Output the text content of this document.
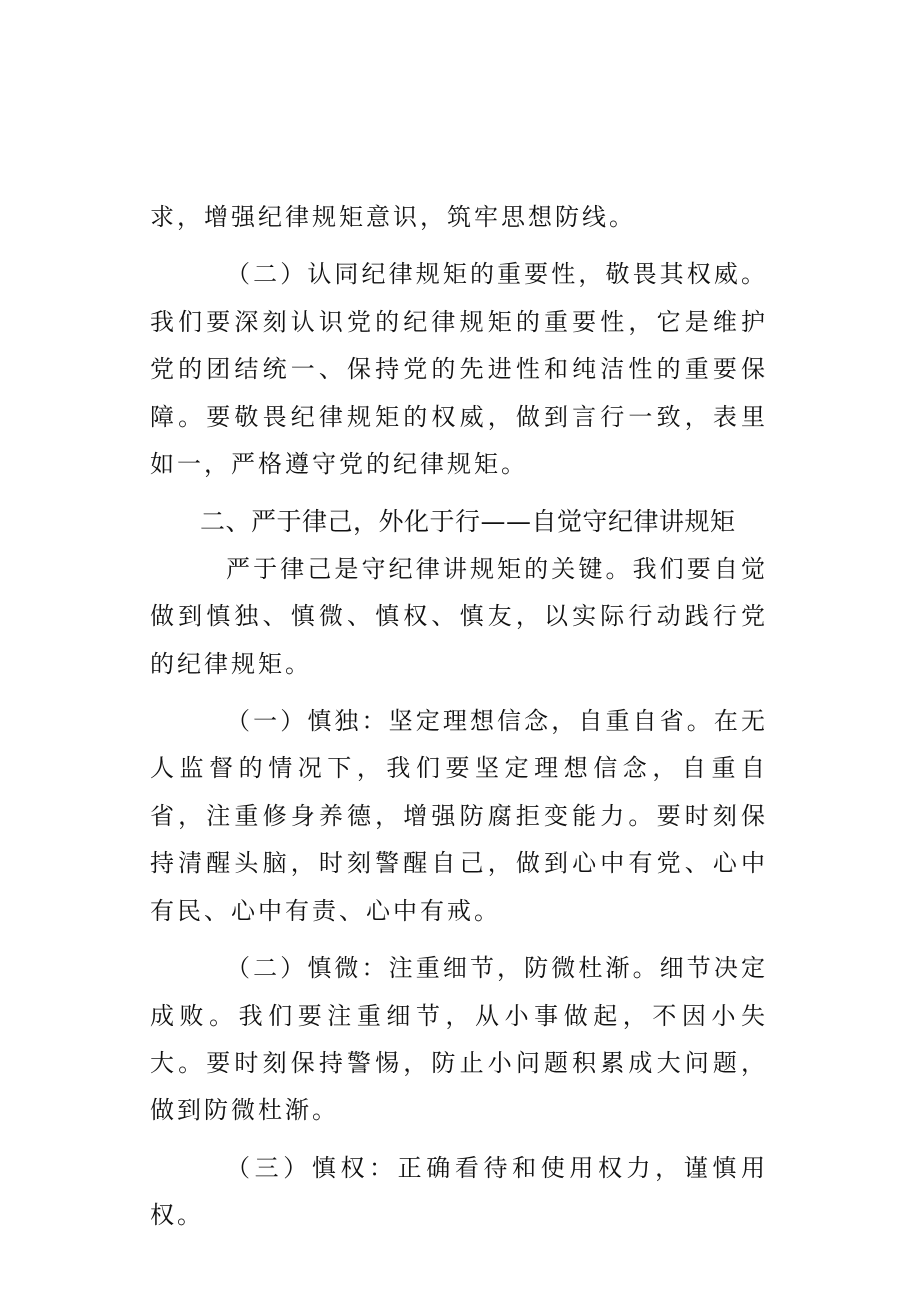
求，增强纪律规矩意识，筑牢思想防线。

（二）认同纪律规矩的重要性，敬畏其权威。我们要深刻认识党的纪律规矩的重要性，它是维护党的团结统一、保持党的先进性和纯洁性的重要保障。要敬畏纪律规矩的权威，做到言行一致，表里如一，严格遵守党的纪律规矩。

二、严于律己，外化于行——自觉守纪律讲规矩

严于律己是守纪律讲规矩的关键。我们要自觉做到慎独、慎微、慎权、慎友，以实际行动践行党的纪律规矩。

（一）慎独：坚定理想信念，自重自省。在无人监督的情况下，我们要坚定理想信念，自重自省，注重修身养德，增强防腐拒变能力。要时刻保持清醒头脑，时刻警醒自己，做到心中有党、心中有民、心中有责、心中有戒。

（二）慎微：注重细节，防微杜渐。细节决定成败。我们要注重细节，从小事做起，不因小失大。要时刻保持警惕，防止小问题积累成大问题，做到防微杜渐。

（三）慎权：正确看待和使用权力，谨慎用权。
